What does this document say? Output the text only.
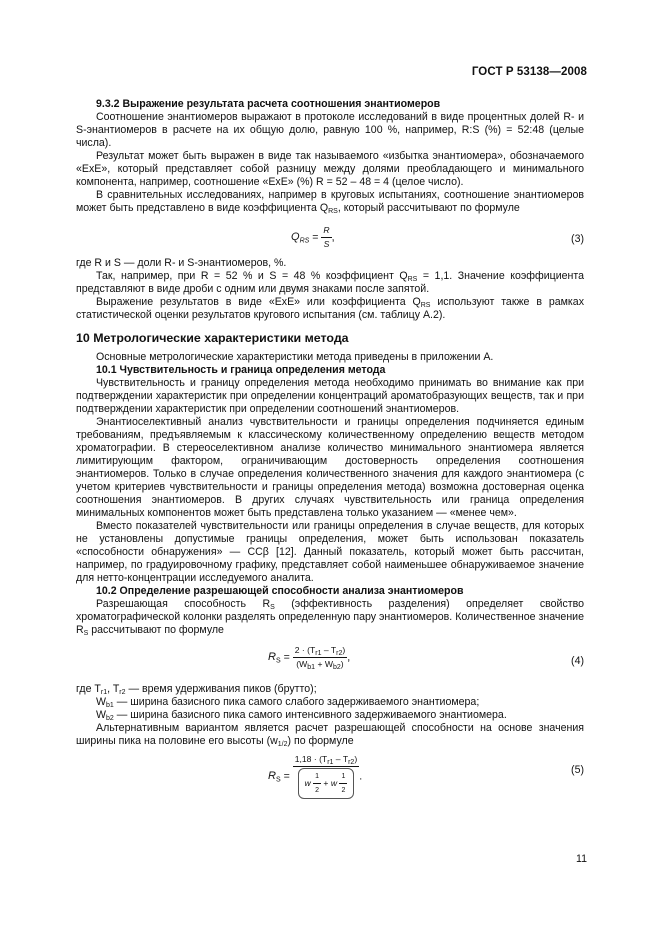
ГОСТ Р 53138—2008

9.3.2 Выражение результата расчета соотношения энантиомеров

Соотношение энантиомеров выражают в протоколе исследований в виде процентных долей R- и S-энантиомеров в расчете на их общую долю, равную 100 %, например, R:S (%) = 52:48 (целые числа).

Результат может быть выражен в виде так называемого «избытка энантиомера», обозначаемого «ExE», который представляет собой разницу между долями преобладающего и минимального компонента, например, соотношение «ExE» (%) R = 52 – 48 = 4 (целое число).

В сравнительных исследованиях, например в круговых испытаниях, соотношение энантиомеров может быть представлено в виде коэффициента $Q_{RS}$, который рассчитывают по формуле

$Q_{RS} = \frac{R}{S}$ ,	(3)

где R и S — доли R- и S-энантиомеров, %.

Так, например, при R = 52 % и S = 48 % коэффициент $Q_{RS} = 1,1$. Значение коэффициента представляют в виде дроби с одним или двумя знаками после запятой.

Выражение результатов в виде «ExE» или коэффициента $Q_{RS}$ используют также в рамках статистической оценки результатов кругового испытания (см. таблицу А.2).

10 Метрологические характеристики метода

Основные метрологические характеристики метода приведены в приложении А.

10.1 Чувствительность и граница определения метода

Чувствительность и границу определения метода необходимо принимать во внимание как при подтверждении характеристик при определении концентраций ароматобразующих веществ, так и при подтверждении характеристик при определении соотношений энантиомеров.

Энантиоселективный анализ чувствительности и границы определения подчиняется единым требованиям, предъявляемым к классическому количественному определению веществ методом хроматографии. В стереоселективном анализе количество минимального энантиомера является лимитирующим фактором, ограничивающим достоверность определения соотношения энантиомеров. Только в случае определения количественного значения для каждого энантиомера (с учетом критериев чувствительности и границы определения метода) возможна достоверная оценка соотношения энантиомеров. В других случаях чувствительность или граница определения минимальных компонентов может быть представлена только указанием — «менее чем».

Вместо показателей чувствительности или границы определения в случае веществ, для которых не установлены допустимые границы определения, может быть использован показатель «способности обнаружения» — CCβ [12]. Данный показатель, который может быть рассчитан, например, по градуировочному графику, представляет собой наименьшее обнаруживаемое значение для нетто-концентрации исследуемого аналита.

10.2 Определение разрешающей способности анализа энантиомеров

Разрешающая способность $R_S$ (эффективность разделения) определяет свойство хроматографической колонки разделять определенную пару энантиомеров. Количественное значение $R_S$ рассчитывают по формуле

$R_S = \frac{2 \cdot (T_{r1} - T_{r2})}{(W_{b1} + W_{b2})}$ ,	(4)

где $T_{r1}$, $T_{r2}$ — время удерживания пиков (брутто);

$W_{b1}$ — ширина базисного пика самого слабого задерживаемого энантиомера;

$W_{b2}$ — ширина базисного пика самого интенсивного задерживаемого энантиомера.

Альтернативным вариантом является расчет разрешающей способности на основе значения ширины пика на половине его высоты $(w_{1/2})$ по формуле

$R_S$ =
$1,18 \cdot (T_{r1} - T_{r2})$
w $\frac{1}{2} + w \frac{1}{2}$ .
(5)
11
